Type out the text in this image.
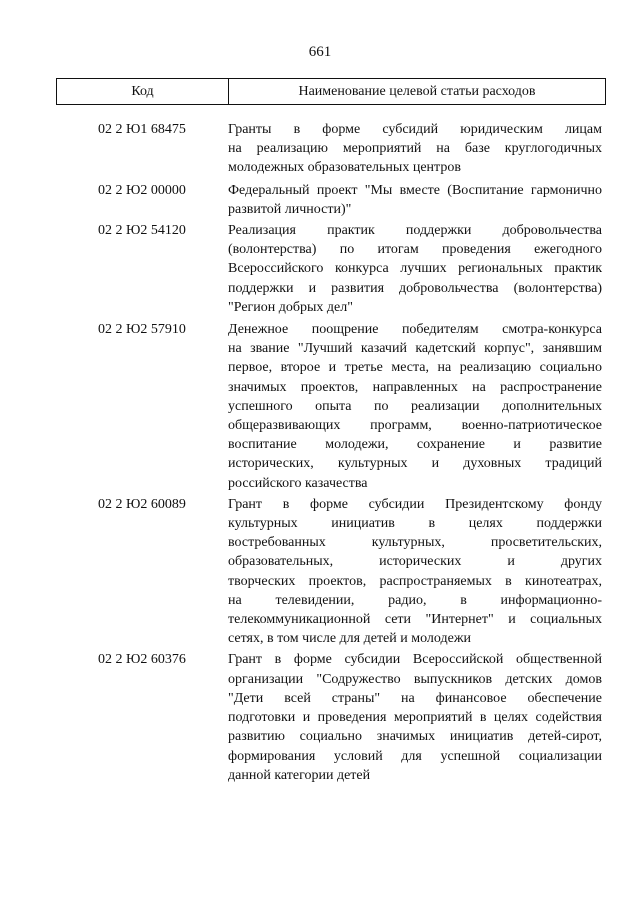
661
Код	Наименование целевой статьи расходов
02 2 Ю1 68475	Гранты в форме субсидий юридическим лицам
на реализацию мероприятий на базе круглогодичных
молодежных образовательных центров
02 2 Ю2 00000	Федеральный проект "Мы вместе (Воспитание гармонично
развитой личности)"
02 2 Ю2 54120	Реализация практик поддержки добровольчества
(волонтерства) по итогам проведения ежегодного
Всероссийского конкурса лучших региональных практик
поддержки и развития добровольчества (волонтерства)
"Регион добрых дел"
02 2 Ю2 57910	Денежное поощрение победителям смотра-конкурса
на звание "Лучший казачий кадетский корпус", занявшим
первое, второе и третье места, на реализацию социально
значимых проектов, направленных на распространение
успешного опыта по реализации дополнительных
общеразвивающих программ, военно-патриотическое
воспитание молодежи, сохранение и развитие
исторических, культурных и духовных традиций
российского казачества
02 2 Ю2 60089	Грант в форме субсидии Президентскому фонду
культурных инициатив в целях поддержки
востребованных культурных, просветительских,
образовательных, исторических и других
творческих проектов, распространяемых в кинотеатрах,
на телевидении, радио, в информационно-
телекоммуникационной сети "Интернет" и социальных
сетях, в том числе для детей и молодежи
02 2 Ю2 60376	Грант в форме субсидии Всероссийской общественной
организации "Содружество выпускников детских домов
"Дети всей страны" на финансовое обеспечение
подготовки и проведения мероприятий в целях содействия
развитию социально значимых инициатив детей-сирот,
формирования условий для успешной социализации
данной категории детей
